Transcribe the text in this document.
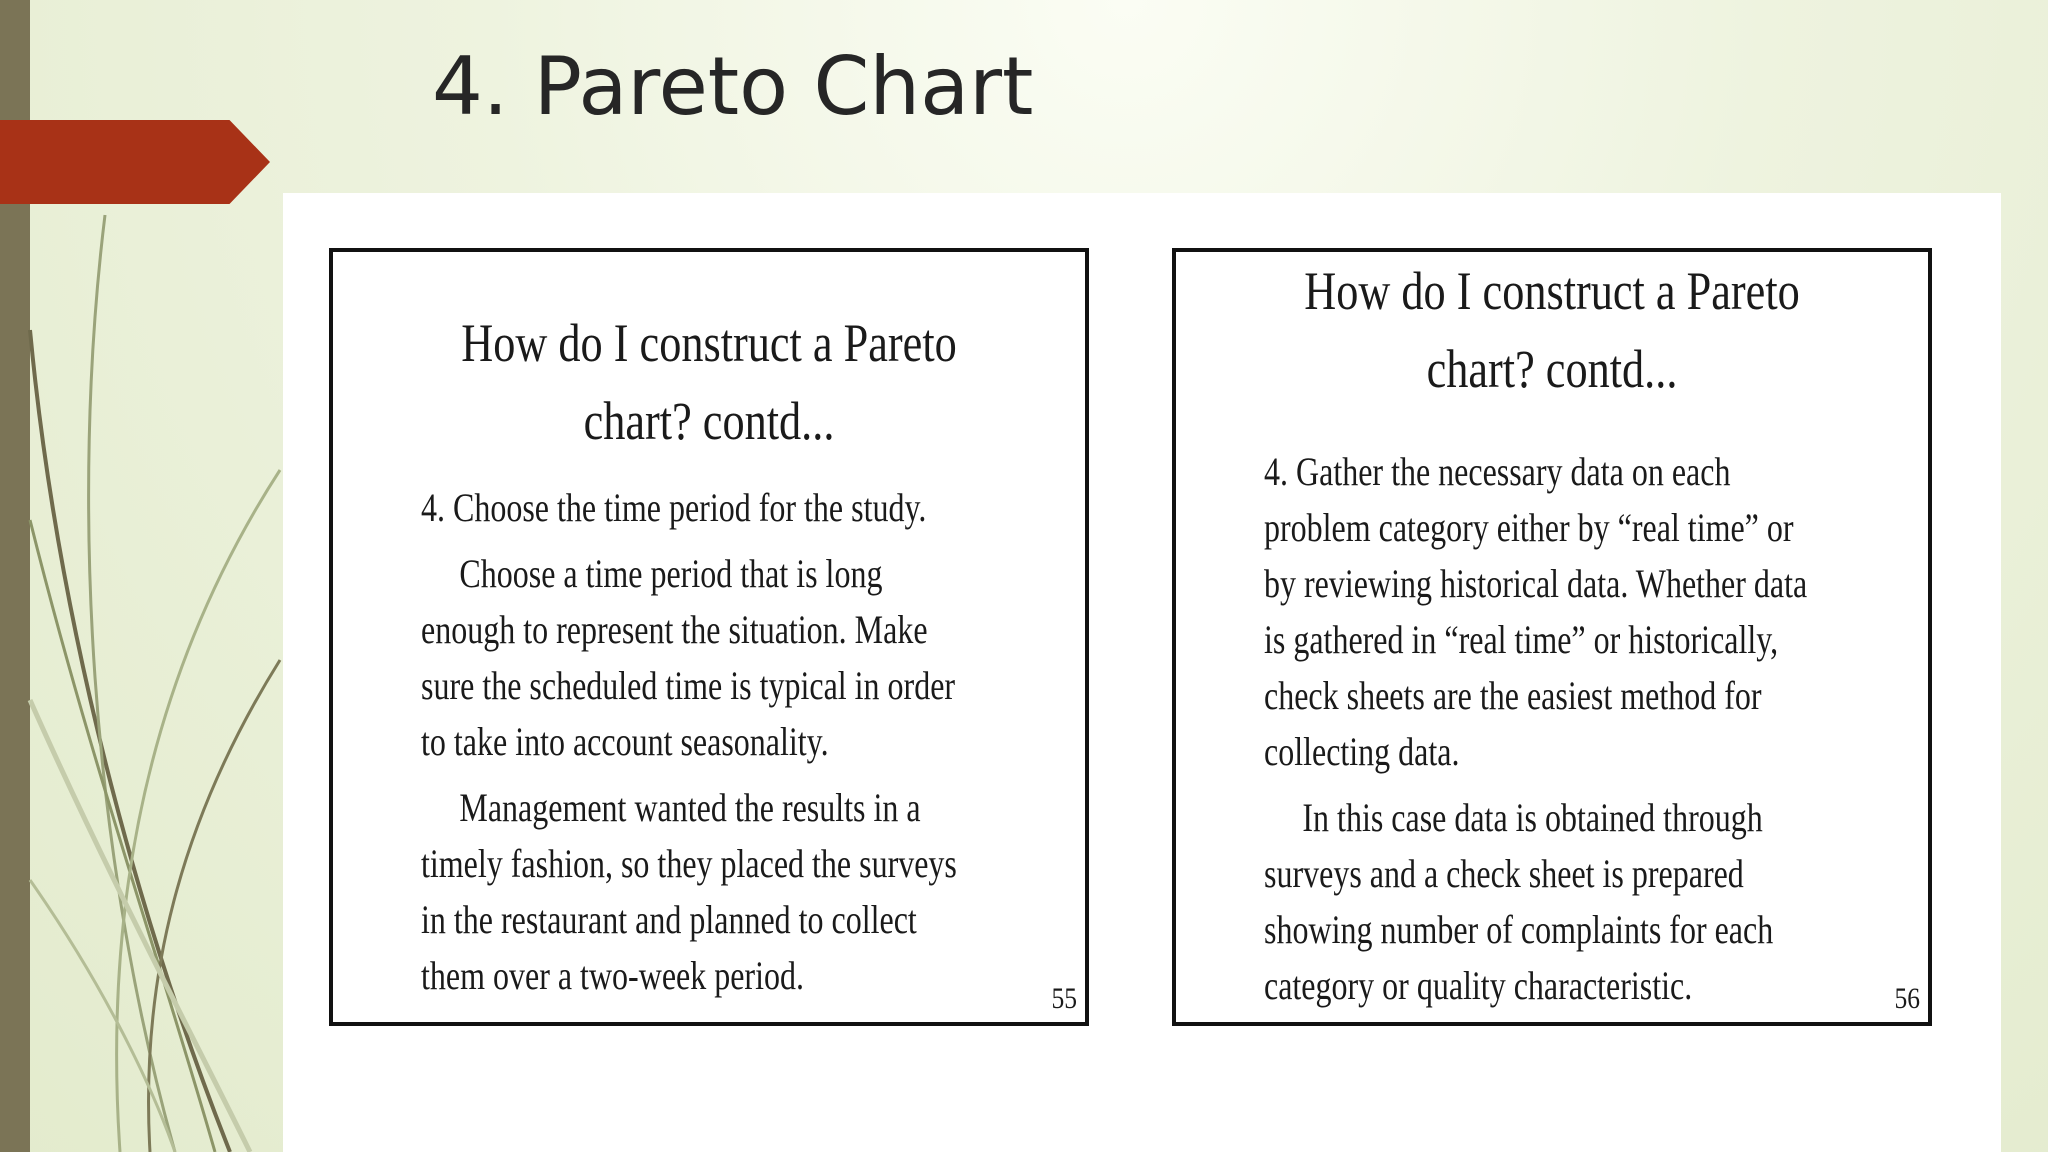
4. Pareto Chart
How do I construct a Pareto
chart? contd...

4. Choose the time period for the study.

Choose a time period that is long enough to represent the situation. Make sure the scheduled time is typical in order to take into account seasonality.

Management wanted the results in a timely fashion, so they placed the surveys in the restaurant and planned to collect them over a two-week period.

55
How do I construct a Pareto
chart? contd...

4. Gather the necessary data on each problem category either by “real time” or by reviewing historical data. Whether data is gathered in “real time” or historically, check sheets are the easiest method for collecting data.

In this case data is obtained through surveys and a check sheet is prepared showing number of complaints for each category or quality characteristic.	56
